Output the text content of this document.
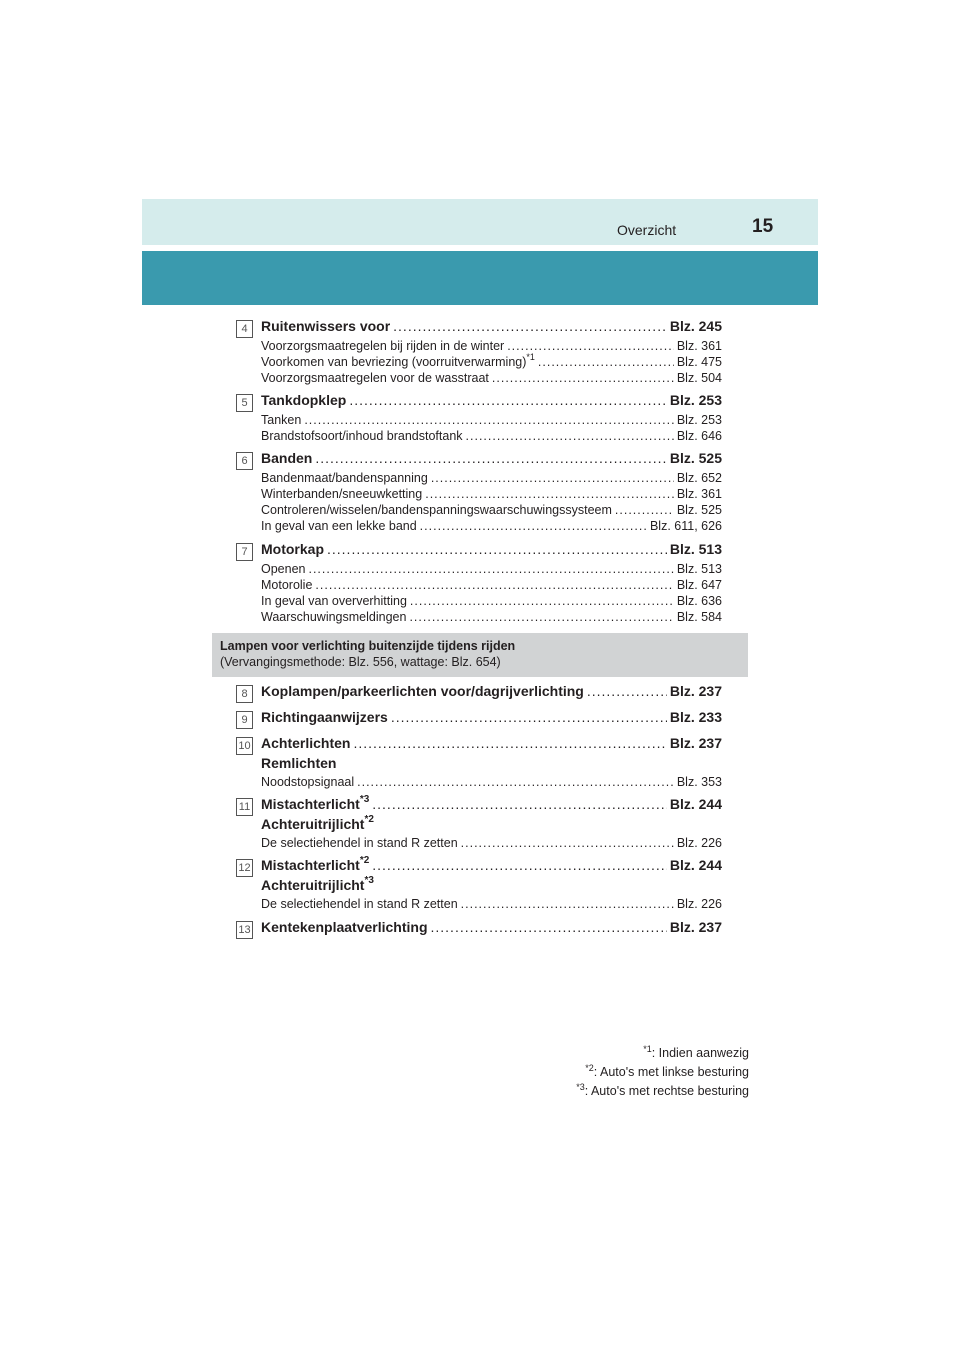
Overzicht	15
4 Ruitenwissers voor .....	Blz. 245
Voorzorgsmaatregelen bij rijden in de winter .....	Blz. 361
Voorkomen van bevriezing (voorruitverwarming) *1 .....	Blz. 475
Voorzorgsmaatregelen voor de wasstraat .....	Blz. 504
5 Tankdopklep .....	Blz. 253
Tanken .....	Blz. 253
Brandstofsoort/inhoud brandstoftank .....	Blz. 646
6 Banden .....	Blz. 525
Bandenmaat/bandenspanning .....	Blz. 652
Winterbanden/sneeuwketting .....	Blz. 361
Controleren/wisselen/bandenspanningswaarschuwingssysteem .....	Blz. 525
In geval van een lekke band .....	Blz. 611, 626
7 Motorkap .....	Blz. 513
Openen .....	Blz. 513
Motorolie .....	Blz. 647
In geval van oververhitting .....	Blz. 636
Waarschuwingsmeldingen .....	Blz. 584
Lampen voor verlichting buitenzijde tijdens rijden
(Vervangingsmethode: Blz. 556, wattage: Blz. 654)
8 Koplampen/parkeerlichten voor/dagrijverlichting .....	Blz. 237
9 Richtingaanwijzers .....	Blz. 233
10 Achterlichten .....	Blz. 237
Remlichten
Noodstopsignaal .....	Blz. 353
11 Mistachterlicht *3 .....	Blz. 244
Achteruitrijlicht$^{*2}$
De selectiehendel in stand R zetten .....	Blz. 226
12 Mistachterlicht *2 .....	Blz. 244
Achteruitrijlicht$^{*3}$
De selectiehendel in stand R zetten .....	Blz. 226
13 Kentekenplaatverlichting .....	Blz. 237
$^{*1}$: Indien aanwezig
$^{*2}$: Auto's met linkse besturing
$^{*3}$: Auto's met rechtse besturing
